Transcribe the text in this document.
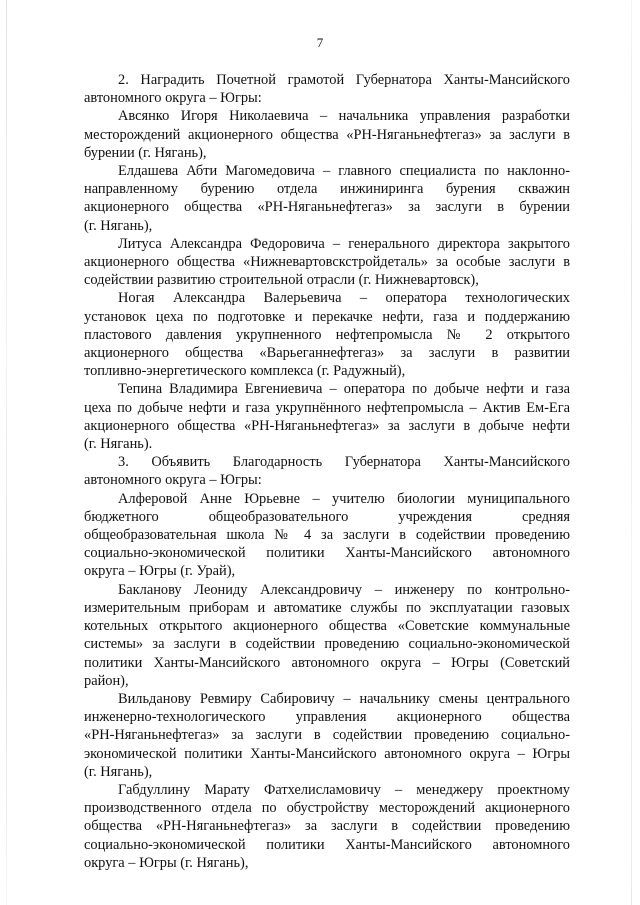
7

2. Наградить Почетной грамотой Губернатора Ханты-Мансийского
автономного округа – Югры:

Авсянко Игоря Николаевича – начальника управления разработки
месторождений акционерного общества «РН-Няганьнефтегаз» за заслуги в
бурении (г. Нягань),

Елдашева Абти Магомедовича – главного специалиста по наклонно-
направленному бурению отдела инжиниринга бурения скважин
акционерного общества «РН-Няганьнефтегаз» за заслуги в бурении
(г. Нягань),

Литуса Александра Федоровича – генерального директора закрытого
акционерного общества «Нижневартовскстройдеталь» за особые заслуги в
содействии развитию строительной отрасли (г. Нижневартовск),

Ногая Александра Валерьевича – оператора технологических
установок цеха по подготовке и перекачке нефти, газа и поддержанию
пластового давления укрупненного нефтепромысла № 2 открытого
акционерного общества «Варьеганнефтегаз» за заслуги в развитии
топливно-энергетического комплекса (г. Радужный),

Тепина Владимира Евгениевича – оператора по добыче нефти и газа
цеха по добыче нефти и газа укрупнённого нефтепромысла – Актив Ем-Ега
акционерного общества «РН-Няганьнефтегаз» за заслуги в добыче нефти
(г. Нягань).

3. Объявить Благодарность Губернатора Ханты-Мансийского
автономного округа – Югры:

Алферовой Анне Юрьевне – учителю биологии муниципального
бюджетного общеобразовательного учреждения средняя
общеобразовательная школа № 4 за заслуги в содействии проведению
социально-экономической политики Ханты-Мансийского автономного
округа – Югры (г. Урай),

Бакланову Леониду Александровичу – инженеру по контрольно-
измерительным приборам и автоматике службы по эксплуатации газовых
котельных открытого акционерного общества «Советские коммунальные
системы» за заслуги в содействии проведению социально-экономической
политики Ханты-Мансийского автономного округа – Югры (Советский
район),

Вильданову Ревмиру Сабировичу – начальнику смены центрального
инженерно-технологического управления акционерного общества
«РН-Няганьнефтегаз» за заслуги в содействии проведению социально-
экономической политики Ханты-Мансийского автономного округа – Югры
(г. Нягань),

Габдуллину Марату Фатхелисламовичу – менеджеру проектному
производственного отдела по обустройству месторождений акционерного
общества «РН-Няганьнефтегаз» за заслуги в содействии проведению
социально-экономической политики Ханты-Мансийского автономного
округа – Югры (г. Нягань),
